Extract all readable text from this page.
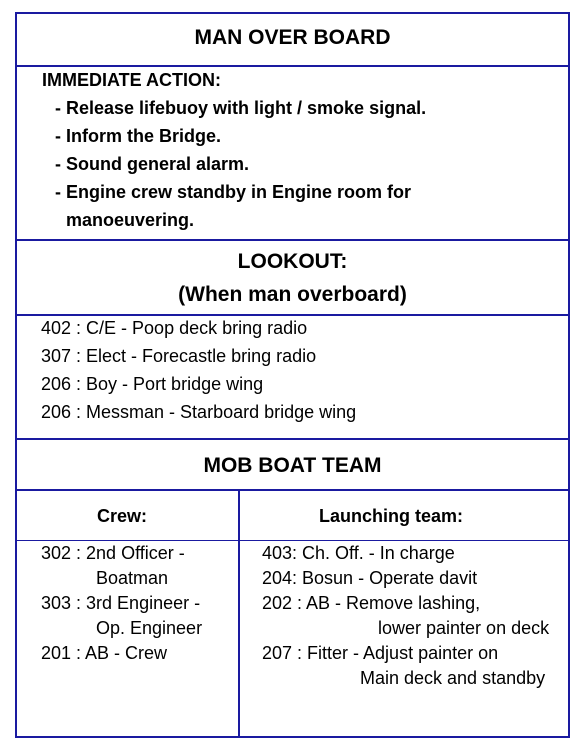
MAN OVER BOARD
IMMEDIATE ACTION:
- Release lifebuoy with light / smoke signal.
- Inform the Bridge.
- Sound general alarm.
- Engine crew standby in Engine room for
manoeuvering.
LOOKOUT:
(When man overboard)
402 : C/E - Poop deck bring radio
307 : Elect - Forecastle bring radio
206 : Boy - Port bridge wing
206 : Messman - Starboard bridge wing
MOB BOAT TEAM
Crew:	Launching team:
302 : 2nd Officer -
Boatman
303 : 3rd Engineer -
Op. Engineer
201 : AB - Crew
403: Ch. Off. - In charge
204: Bosun - Operate davit
202 : AB - Remove lashing,
lower painter on deck
207 : Fitter - Adjust painter on
Main deck and standby
